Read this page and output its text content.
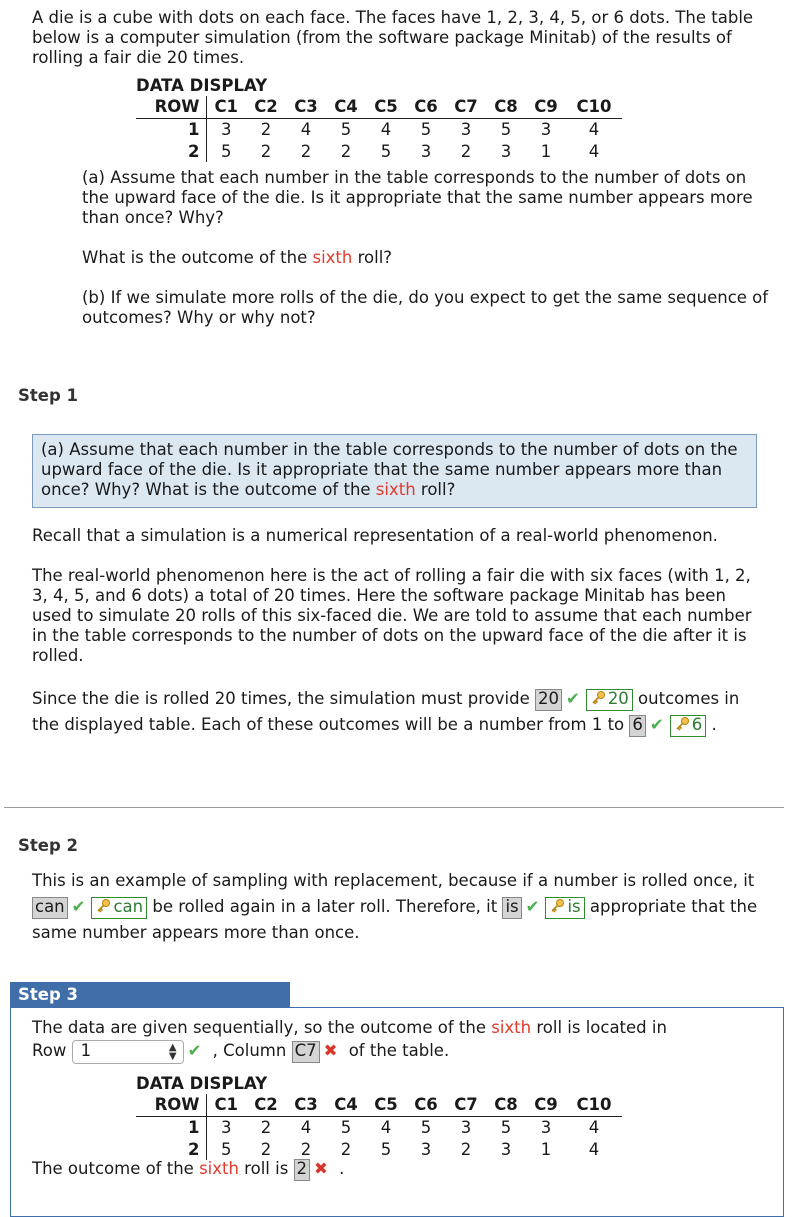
A die is a cube with dots on each face. The faces have 1, 2, 3, 4, 5, or 6 dots. The table below is a computer simulation (from the software package Minitab) of the results of rolling a fair die 20 times.

DATA DISPLAY
ROW	C1	C2	C3	C4	C5	C6	C7	C8	C9	C10
1	3	2	4	5	4	5	3	5	3	4
2	5	2	2	2	5	3	2	3	1	4

(a) Assume that each number in the table corresponds to the number of dots on the upward face of the die. Is it appropriate that the same number appears more than once? Why?

What is the outcome of the sixth roll?

(b) If we simulate more rolls of the die, do you expect to get the same sequence of outcomes? Why or why not?

Step 1

(a) Assume that each number in the table corresponds to the number of dots on the upward face of the die. Is it appropriate that the same number appears more than once? Why? What is the outcome of the sixth roll?

Recall that a simulation is a numerical representation of a real-world phenomenon.

The real-world phenomenon here is the act of rolling a fair die with six faces (with 1, 2, 3, 4, 5, and 6 dots) a total of 20 times. Here the software package Minitab has been used to simulate 20 rolls of this six-faced die. We are told to assume that each number in the table corresponds to the number of dots on the upward face of the die after it is rolled.

Since the die is rolled 20 times, the simulation must provide 20 ✔ 20 outcomes in the displayed table. Each of these outcomes will be a number from 1 to 6 ✔ 6 .
Step 2
This is an example of sampling with replacement, because if a number is rolled once, it can ✔ can be rolled again in a later roll. Therefore, it is ✔ is appropriate that the same number appears more than once.
Step 3

The data are given sequentially, so the outcome of the sixth roll is located in

Row 1	▲
▼ ✔ , Column C7 ✖ of the table.
DATA DISPLAY
ROW	C1	C2	C3	C4	C5	C6	C7	C8	C9	C10
1	3	2	4	5	4	5	3	5	3	4
2	5	2	2	2	5	3	2	3	1	4
The outcome of the sixth roll is 2 ✖ .
